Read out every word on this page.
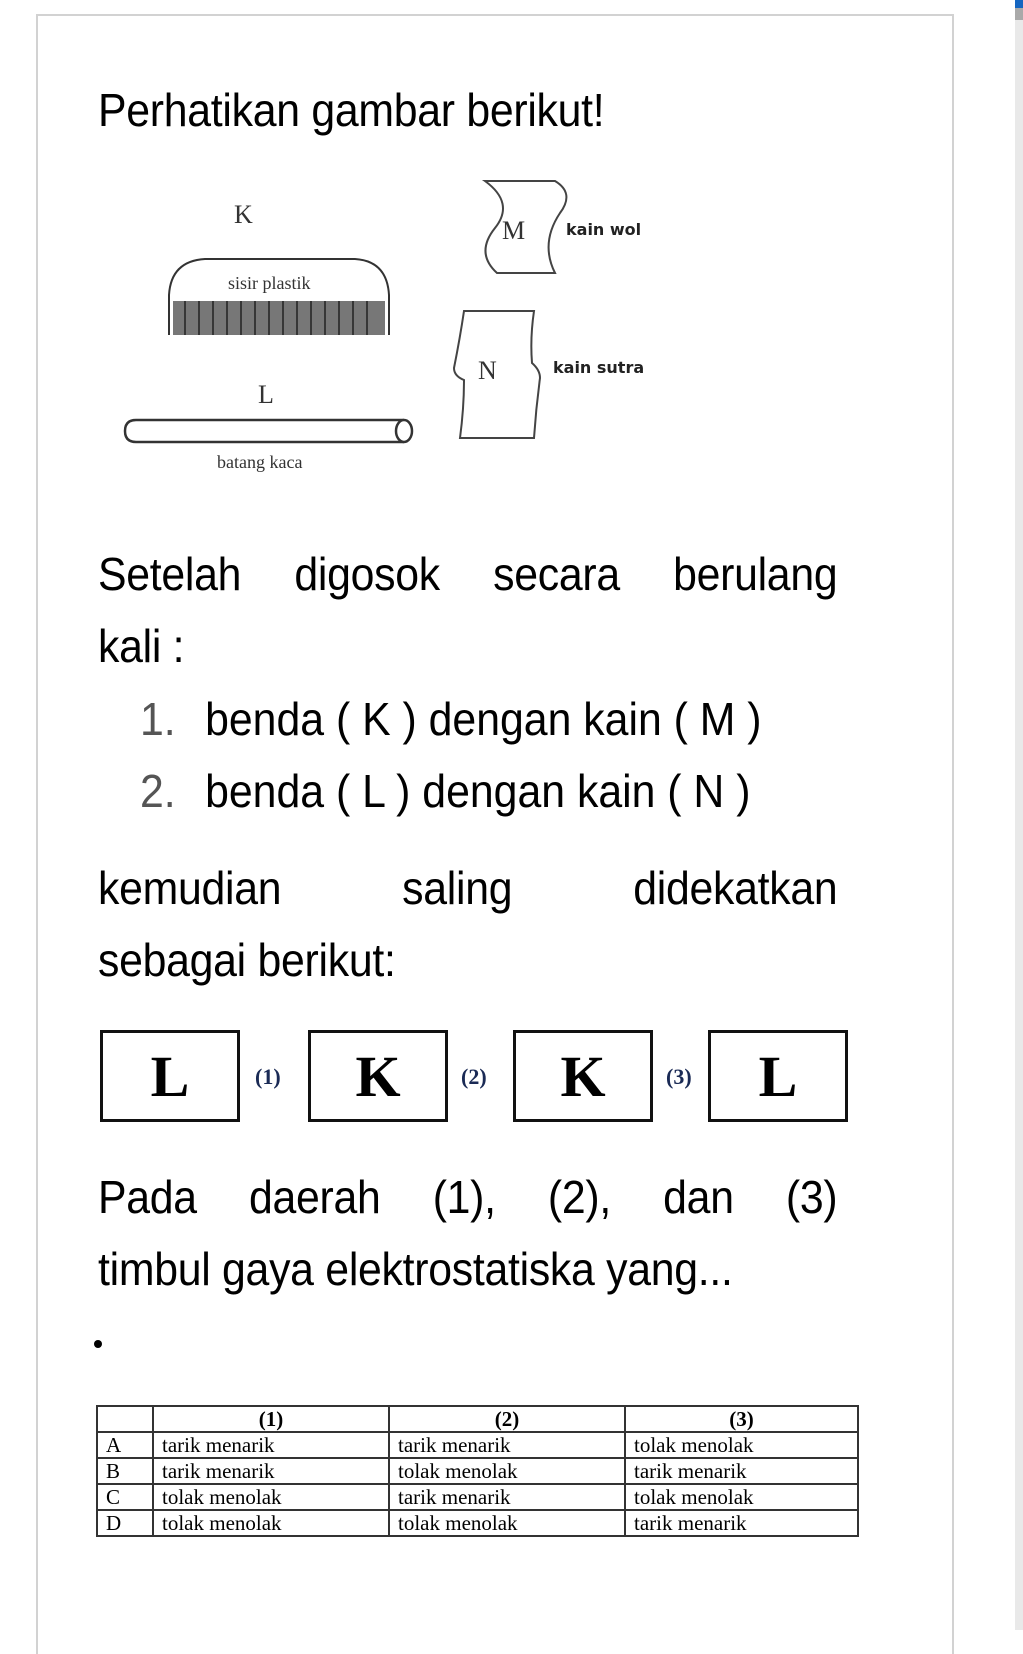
Perhatikan gambar berikut!
K
sisir plastik
L
batang kaca
M	kain wol
N	kain sutra
Setelah digosok secara berulang
kali :
1. benda ( K ) dengan kain ( M )
2. benda ( L ) dengan kain ( N )
kemudian saling didekatkan
sebagai berikut:
L	(1)	K	(2)	K	(3)	L
Pada daerah (1), (2), dan (3)
timbul gaya elektrostatiska yang...
	(1)	(2)	(3)
A	tarik menarik	tarik menarik	tolak menolak
B	tarik menarik	tolak menolak	tarik menarik
C	tolak menolak	tarik menarik	tolak menolak
D	tolak menolak	tolak menolak	tarik menarik
